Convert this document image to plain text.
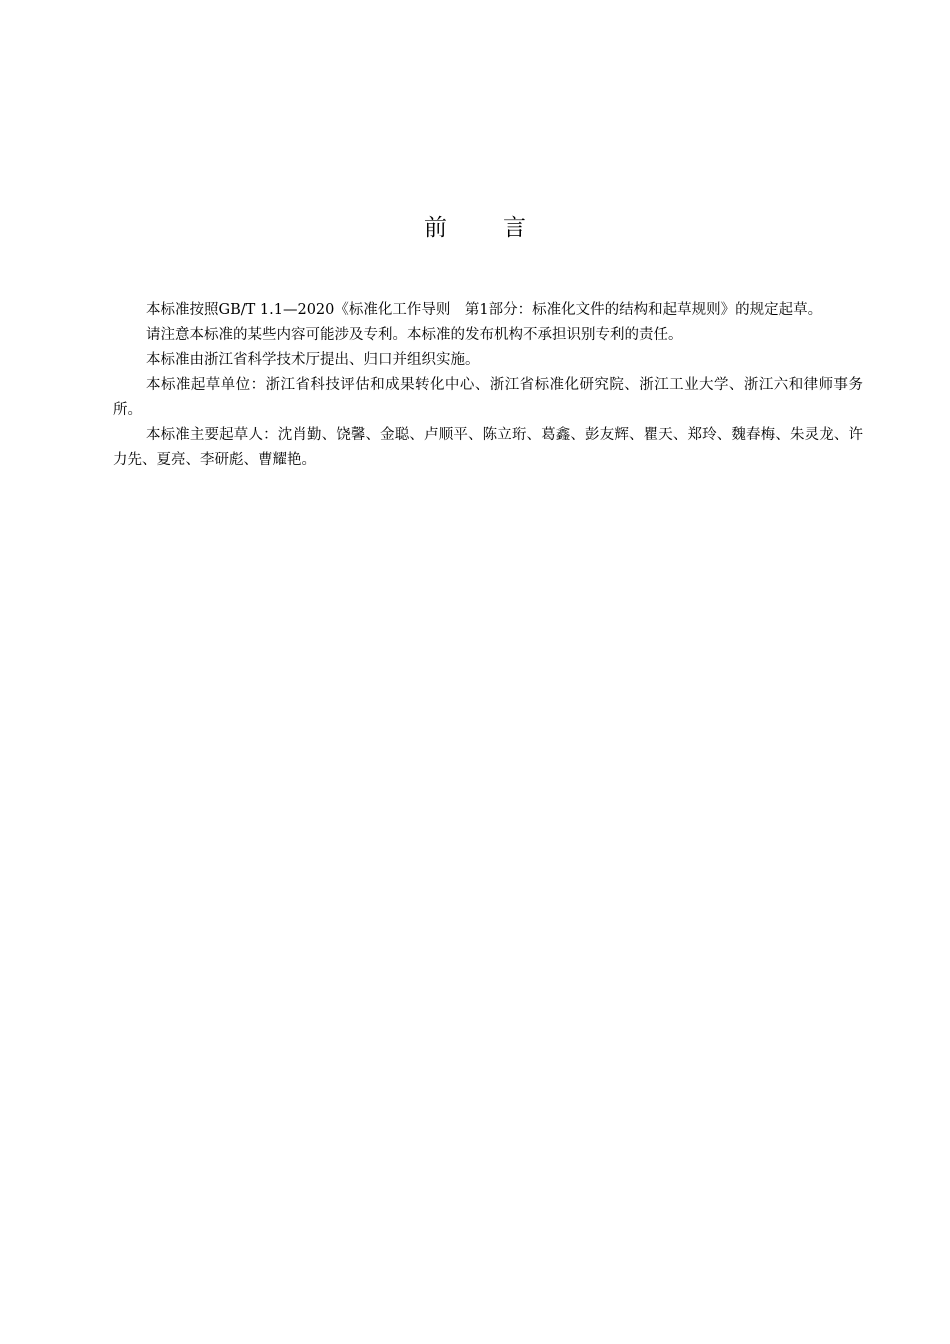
前 言

本标准按照GB/T 1.1—2020《标准化工作导则　第1部分：标准化文件的结构和起草规则》的规定起草。

请注意本标准的某些内容可能涉及专利。本标准的发布机构不承担识别专利的责任。

本标准由浙江省科学技术厅提出、归口并组织实施。

本标准起草单位：浙江省科技评估和成果转化中心、浙江省标准化研究院、浙江工业大学、浙江六和律师事务所。

本标准主要起草人：沈肖勤、饶馨、金聪、卢顺平、陈立珩、葛鑫、彭友辉、瞿天、郑玲、魏春梅、朱灵龙、许力先、夏亮、李研彪、曹耀艳。
